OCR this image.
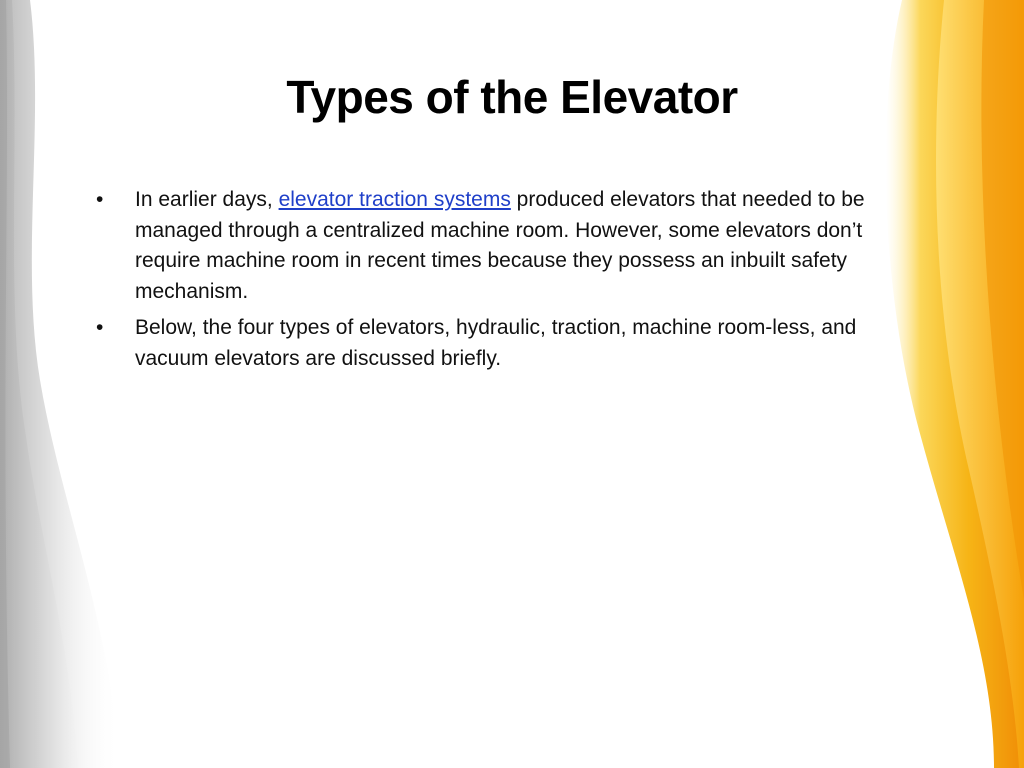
Types of the Elevator
•	In earlier days, elevator traction systems produced elevators that needed to be managed through a centralized machine room. However, some elevators don’t require machine room in recent times because they possess an inbuilt safety mechanism.
•	Below, the four types of elevators, hydraulic, traction, machine room-less, and vacuum elevators are discussed briefly.
